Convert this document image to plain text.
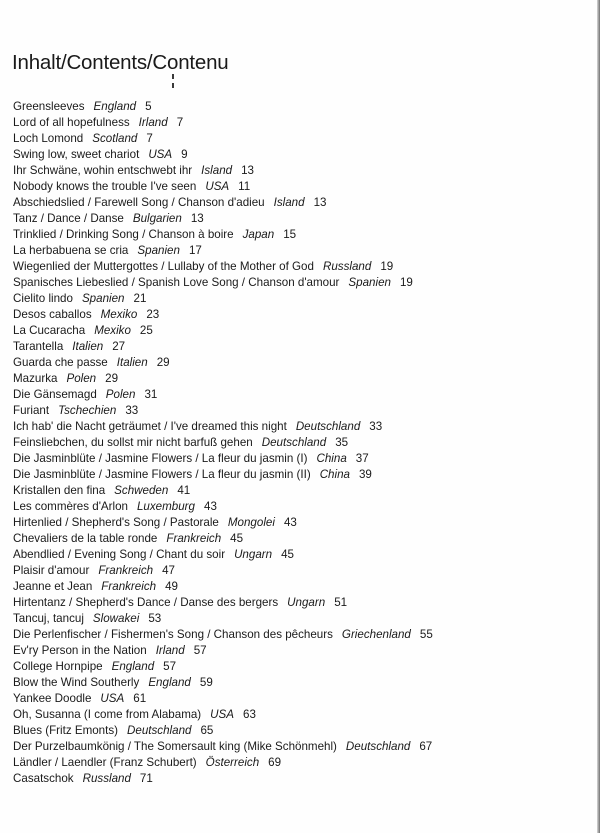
Inhalt/Contents/Contenu
Greensleeves England 5
Lord of all hopefulness Irland 7
Loch Lomond Scotland 7
Swing low, sweet chariot USA 9
Ihr Schwäne, wohin entschwebt ihr Island 13
Nobody knows the trouble I've seen USA 11
Abschiedslied / Farewell Song / Chanson d'adieu Island 13
Tanz / Dance / Danse Bulgarien 13
Trinklied / Drinking Song / Chanson à boire Japan 15
La herbabuena se cria Spanien 17
Wiegenlied der Muttergottes / Lullaby of the Mother of God Russland 19
Spanisches Liebeslied / Spanish Love Song / Chanson d'amour Spanien 19
Cielito lindo Spanien 21
Desos caballos Mexiko 23
La Cucaracha Mexiko 25
Tarantella Italien 27
Guarda che passe Italien 29
Mazurka Polen 29
Die Gänsemagd Polen 31
Furiant Tschechien 33
Ich hab' die Nacht geträumet / I've dreamed this night Deutschland 33
Feinsliebchen, du sollst mir nicht barfuß gehen Deutschland 35
Die Jasminblüte / Jasmine Flowers / La fleur du jasmin (I) China 37
Die Jasminblüte / Jasmine Flowers / La fleur du jasmin (II) China 39
Kristallen den fina Schweden 41
Les commères d'Arlon Luxemburg 43
Hirtenlied / Shepherd's Song / Pastorale Mongolei 43
Chevaliers de la table ronde Frankreich 45
Abendlied / Evening Song / Chant du soir Ungarn 45
Plaisir d'amour Frankreich 47
Jeanne et Jean Frankreich 49
Hirtentanz / Shepherd's Dance / Danse des bergers Ungarn 51
Tancuj, tancuj Slowakei 53
Die Perlenfischer / Fishermen's Song / Chanson des pêcheurs Griechenland 55
Ev'ry Person in the Nation Irland 57
College Hornpipe England 57
Blow the Wind Southerly England 59
Yankee Doodle USA 61
Oh, Susanna (I come from Alabama) USA 63
Blues (Fritz Emonts) Deutschland 65
Der Purzelbaumkönig / The Somersault king (Mike Schönmehl) Deutschland 67
Ländler / Laendler (Franz Schubert) Österreich 69
Casatschok Russland 71
